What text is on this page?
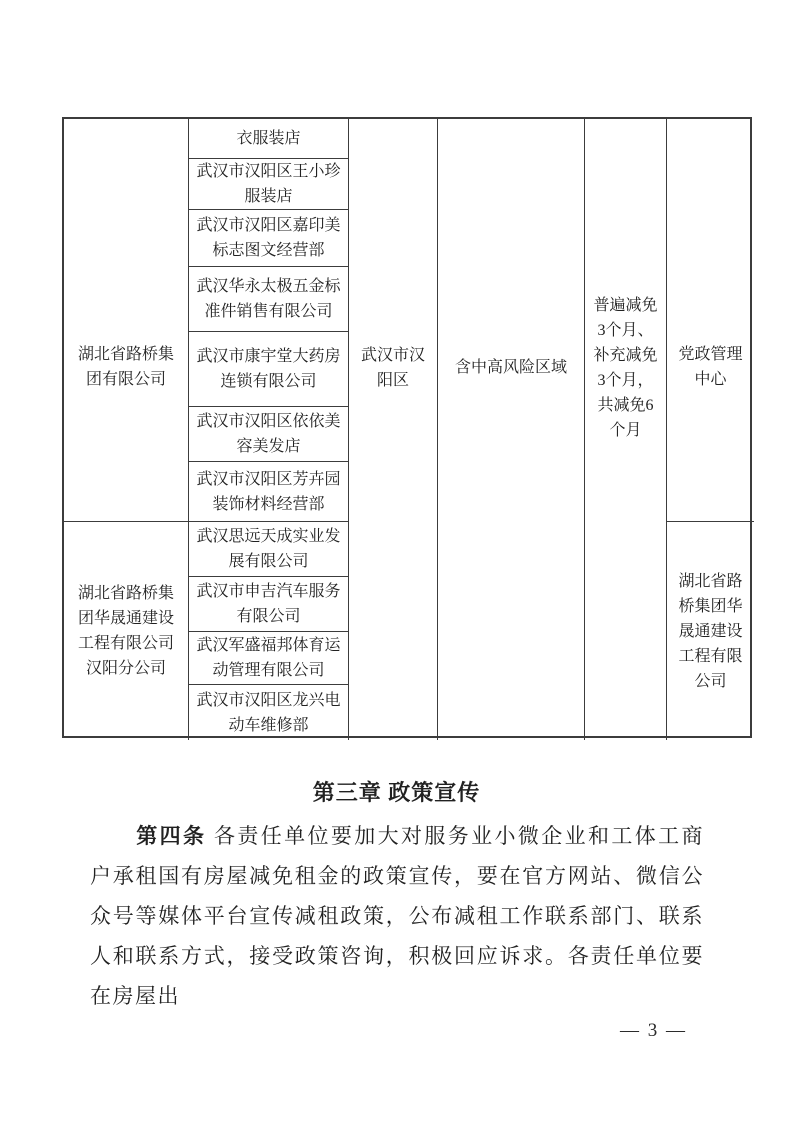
湖北省路桥集团有限公司
湖北省路桥集团华晟通建设工程有限公司汉阳分公司
衣服装店
武汉市汉阳区王小珍服装店
武汉市汉阳区嘉印美标志图文经营部
武汉华永太极五金标准件销售有限公司
武汉市康宇堂大药房连锁有限公司
武汉市汉阳区依依美容美发店
武汉市汉阳区芳卉园装饰材料经营部
武汉思远天成实业发展有限公司
武汉市申吉汽车服务有限公司
武汉军盛福邦体育运动管理有限公司
武汉市汉阳区龙兴电动车维修部
武汉市汉阳区
含中高风险区域
普遍减免3个月、补充减免3个月，共减免6个月
党政管理中心
湖北省路桥集团华晟通建设工程有限公司
第三章 政策宣传

第四条 各责任单位要加大对服务业小微企业和工体工商户承租国有房屋减免租金的政策宣传，要在官方网站、微信公众号等媒体平台宣传减租政策，公布减租工作联系部门、联系人和联系方式，接受政策咨询，积极回应诉求。各责任单位要在房屋出

— 3 —
